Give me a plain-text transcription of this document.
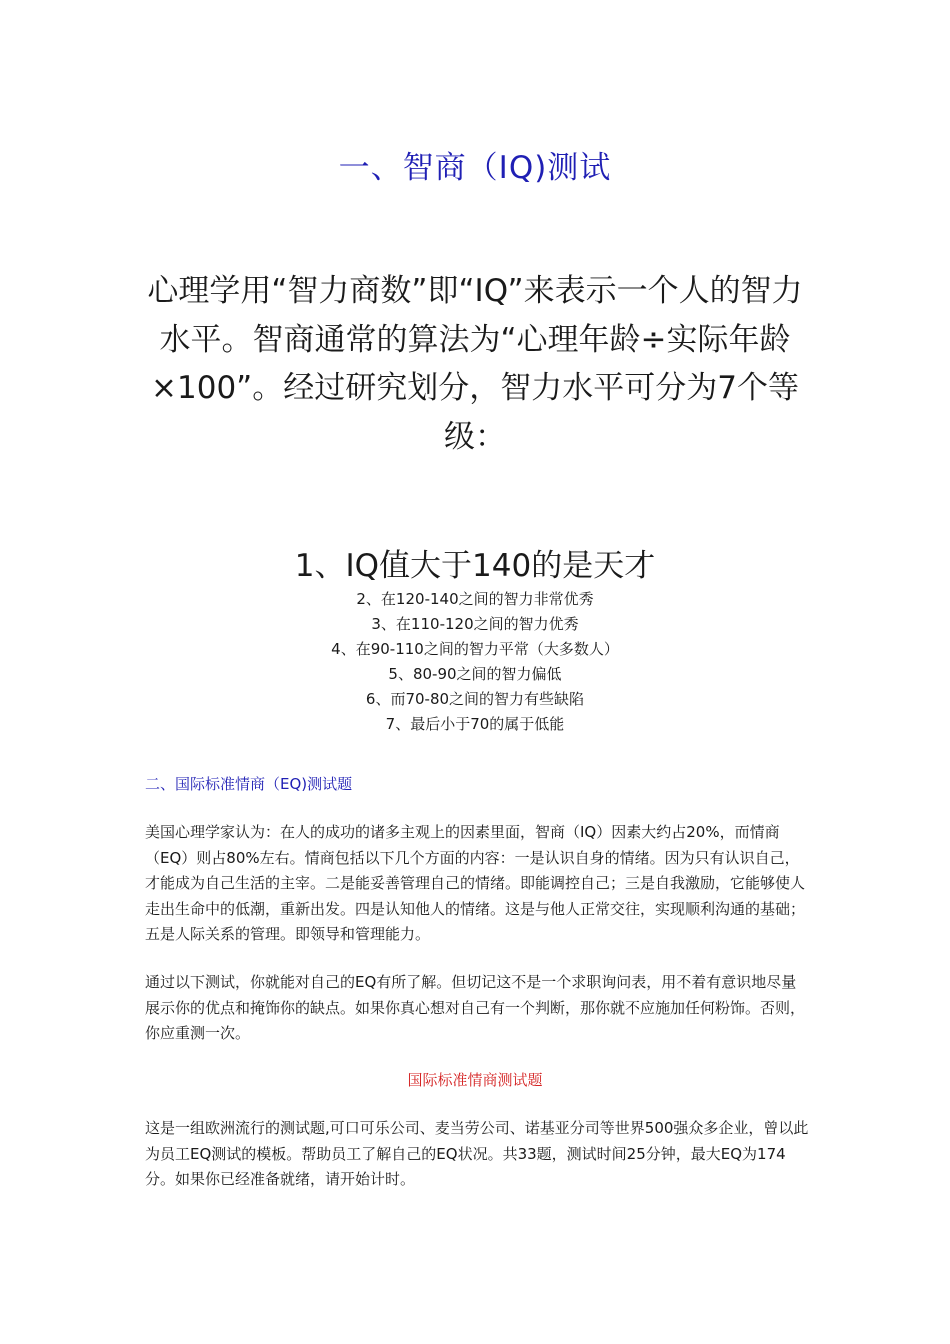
一、智商（IQ)测试

心理学用“智力商数”即“IQ”来表示一个人的智力水平。智商通常的算法为“心理年龄÷实际年龄×100”。经过研究划分，智力水平可分为7个等级：

1、IQ值大于140的是天才

2、在120-140之间的智力非常优秀
3、在110-120之间的智力优秀
4、在90-110之间的智力平常（大多数人）
5、80-90之间的智力偏低
6、而70-80之间的智力有些缺陷
7、最后小于70的属于低能
二、国际标准情商（EQ)测试题

美国心理学家认为：在人的成功的诸多主观上的因素里面，智商（IQ）因素大约占20%，而情商（EQ）则占80%左右。情商包括以下几个方面的内容：一是认识自身的情绪。因为只有认识自己，才能成为自己生活的主宰。二是能妥善管理自己的情绪。即能调控自己；三是自我激励，它能够使人走出生命中的低潮，重新出发。四是认知他人的情绪。这是与他人正常交往，实现顺利沟通的基础；五是人际关系的管理。即领导和管理能力。

通过以下测试，你就能对自己的EQ有所了解。但切记这不是一个求职询问表，用不着有意识地尽量展示你的优点和掩饰你的缺点。如果你真心想对自己有一个判断，那你就不应施加任何粉饰。否则，你应重测一次。

国际标准情商测试题

这是一组欧洲流行的测试题,可口可乐公司、麦当劳公司、诺基亚分司等世界500强众多企业，曾以此为员工EQ测试的模板。帮助员工了解自己的EQ状况。共33题，测试时间25分钟，最大EQ为174分。如果你已经准备就绪，请开始计时。
